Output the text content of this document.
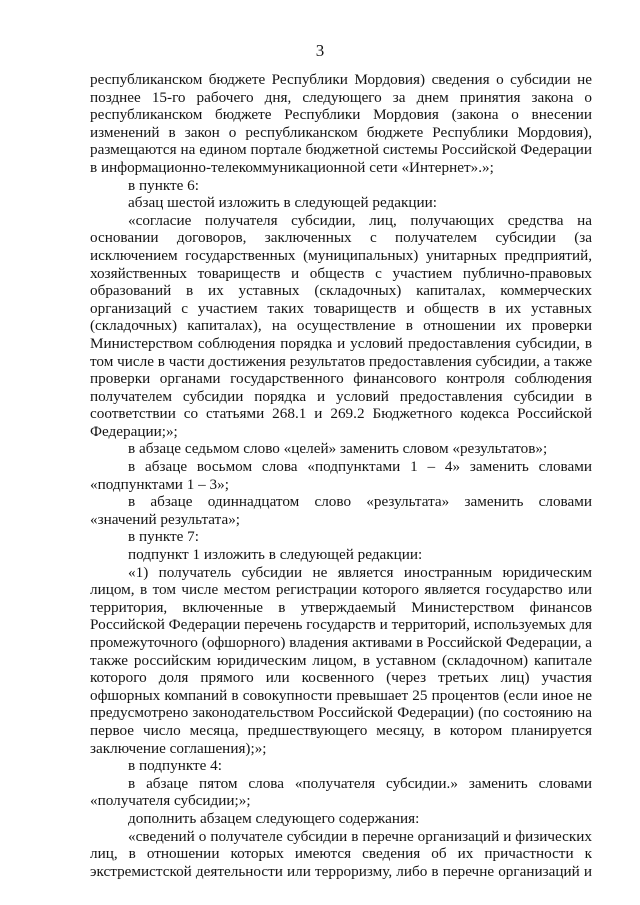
3
республиканском бюджете Республики Мордовия) сведения о субсидии не
позднее 15-го рабочего дня, следующего за днем принятия закона о
республиканском бюджете Республики Мордовия (закона о внесении
изменений в закон о республиканском бюджете Республики Мордовия),
размещаются на едином портале бюджетной системы Российской Федерации
в информационно-телекоммуникационной сети «Интернет».»;
в пункте 6:
абзац шестой изложить в следующей редакции:
«согласие получателя субсидии, лиц, получающих средства на
основании договоров, заключенных с получателем субсидии (за
исключением государственных (муниципальных) унитарных предприятий,
хозяйственных товариществ и обществ с участием публично-правовых
образований в их уставных (складочных) капиталах, коммерческих
организаций с участием таких товариществ и обществ в их уставных
(складочных) капиталах), на осуществление в отношении их проверки
Министерством соблюдения порядка и условий предоставления субсидии, в
том числе в части достижения результатов предоставления субсидии, а также
проверки органами государственного финансового контроля соблюдения
получателем субсидии порядка и условий предоставления субсидии в
соответствии со статьями 268.1 и 269.2 Бюджетного кодекса Российской
Федерации;»;
в абзаце седьмом слово «целей» заменить словом «результатов»;
в абзаце восьмом слова «подпунктами 1 – 4» заменить словами
«подпунктами 1 – 3»;
в абзаце одиннадцатом слово «результата» заменить словами
«значений результата»;
в пункте 7:
подпункт 1 изложить в следующей редакции:
«1) получатель субсидии не является иностранным юридическим
лицом, в том числе местом регистрации которого является государство или
территория, включенные в утверждаемый Министерством финансов
Российской Федерации перечень государств и территорий, используемых для
промежуточного (офшорного) владения активами в Российской Федерации, а
также российским юридическим лицом, в уставном (складочном) капитале
которого доля прямого или косвенного (через третьих лиц) участия
офшорных компаний в совокупности превышает 25 процентов (если иное не
предусмотрено законодательством Российской Федерации) (по состоянию на
первое число месяца, предшествующего месяцу, в котором планируется
заключение соглашения);»;
в подпункте 4:
в абзаце пятом слова «получателя субсидии.» заменить словами
«получателя субсидии;»;
дополнить абзацем следующего содержания:
«сведений о получателе субсидии в перечне организаций и физических
лиц, в отношении которых имеются сведения об их причастности к
экстремистской деятельности или терроризму, либо в перечне организаций и
